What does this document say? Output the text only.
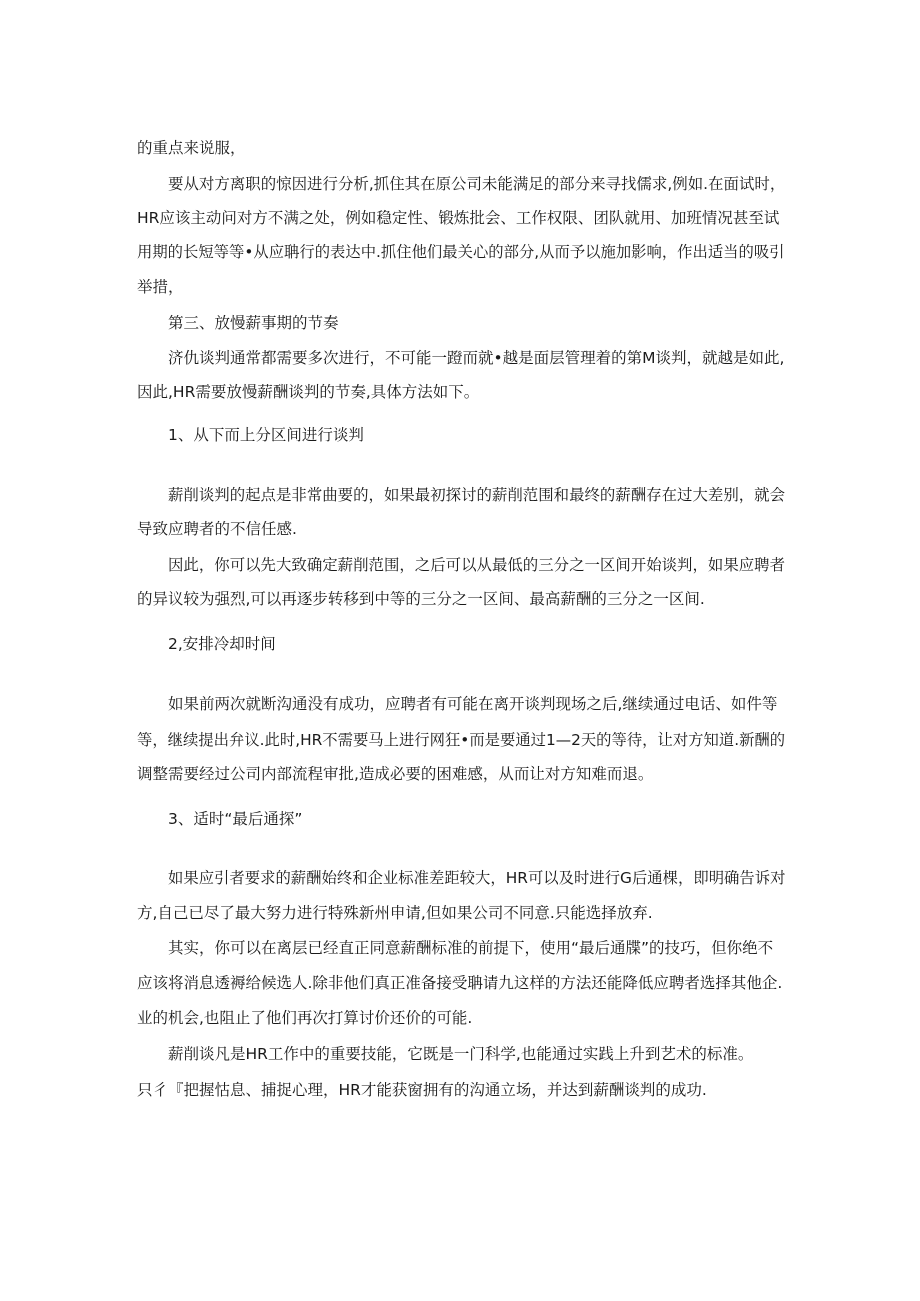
的重点来说服，
要从对方离职的惊因进行分析,抓住其在原公司未能满足的部分来寻找儒求,例如.在面试时，
HR应该主动问对方不满之处，例如稳定性、锻炼批会、工作权限、团队就用、加班情况甚至试
用期的长短等等•从应聃行的表达中.抓住他们最关心的部分,从而予以施加影响，作出适当的吸引
举措，
第三、放慢薪事期的节奏
济仇谈判通常都需要多次进行，不可能一蹬而就•越是面层管理着的第M谈判，就越是如此,
因此,HR需要放慢薪酬谈判的节奏,具体方法如下。
1、从下而上分区间进行谈判
薪削谈判的起点是非常曲要的，如果最初探讨的薪削范围和最终的薪酬存在过大差别，就会
导致应聘者的不信任感.
因此，你可以先大致确定薪削范围，之后可以从最低的三分之一区间开始谈判，如果应聘者
的异议较为强烈,可以再逐步转移到中等的三分之一区间、最高薪酬的三分之一区间.
2,安排冷却时间
如果前两次就断沟通没有成功，应聘者有可能在离开谈判现场之后,继续通过电话、如件等
等，继续提出弁议.此时,HR不需要马上进行网狂•而是要通过1—2天的等待，让对方知道.新酬的
调整需要经过公司内部流程审批,造成必要的困难感，从而让对方知难而退。
3、适时“最后通探”
如果应引者要求的薪酬始终和企业标准差距较大，HR可以及时进行G后通棵，即明确告诉对
方,自己已尽了最大努力进行特殊新州申请,但如果公司不同意.只能选择放弃.
其实，你可以在离层已经直正同意薪酬标准的前提下，使用“最后通牒”的技巧，但你绝不
应该将消息透褥给候选人.除非他们真正准备接受聃请九这样的方法还能降低应聘者选择其他企.
业的机会,也阻止了他们再次打算讨价还价的可能.
薪削谈凡是HR工作中的重要技能，它既是一门科学,也能通过实践上升到艺术的标准。
只彳『把握怙息、捕捉心理，HR才能获窗拥有的沟通立场，并达到薪酬谈判的成功.
